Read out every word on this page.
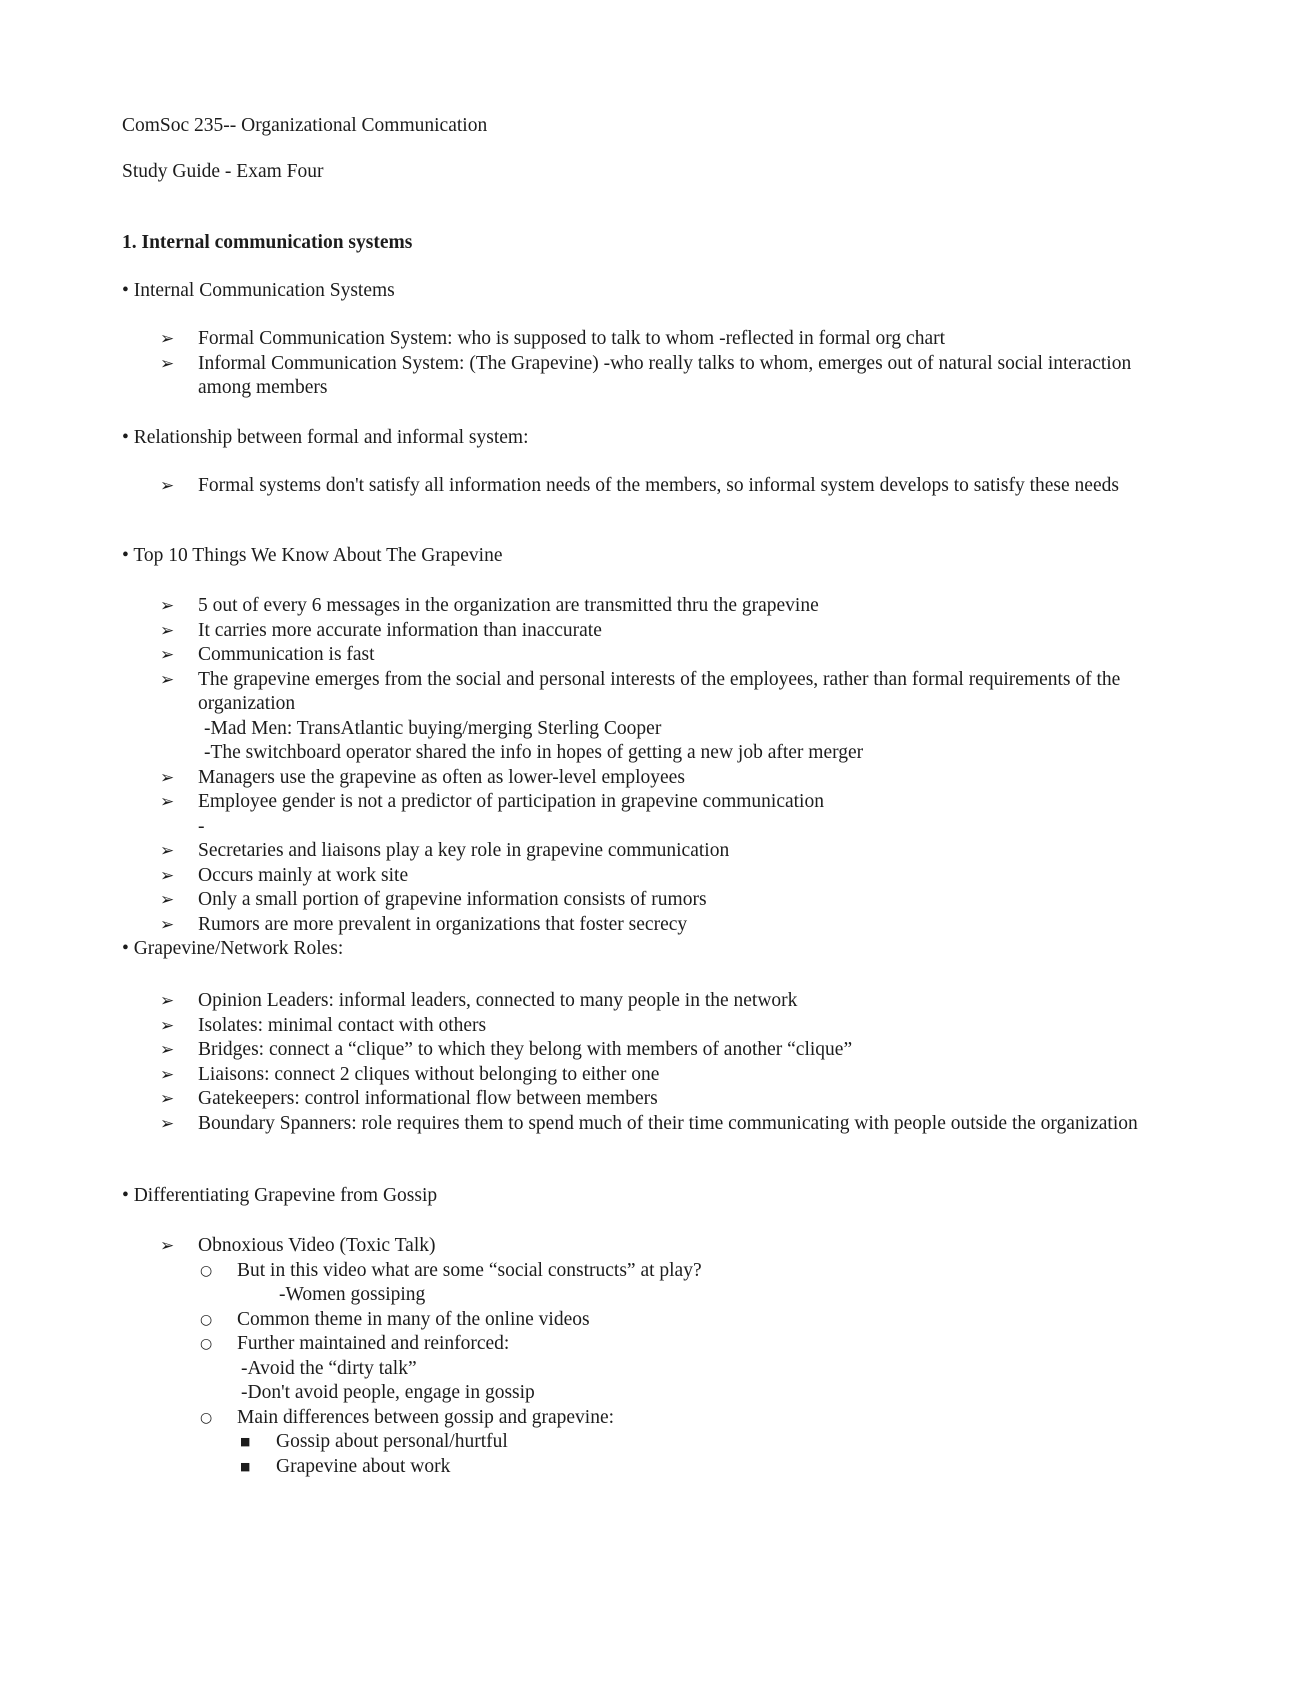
ComSoc 235-- Organizational Communication
Study Guide - Exam Four
1. Internal communication systems
• Internal Communication Systems
➢ Formal Communication System: who is supposed to talk to whom -reflected in formal org chart
➢ Informal Communication System: (The Grapevine) -who really talks to whom, emerges out of natural social interaction among members
• Relationship between formal and informal system:
➢ Formal systems don't satisfy all information needs of the members, so informal system develops to satisfy these needs
• Top 10 Things We Know About The Grapevine
➢ 5 out of every 6 messages in the organization are transmitted thru the grapevine
➢ It carries more accurate information than inaccurate
➢ Communication is fast
➢ The grapevine emerges from the social and personal interests of the employees, rather than formal requirements of the organization
-Mad Men: TransAtlantic buying/merging Sterling Cooper
-The switchboard operator shared the info in hopes of getting a new job after merger
➢ Managers use the grapevine as often as lower-level employees
➢ Employee gender is not a predictor of participation in grapevine communication
-
➢ Secretaries and liaisons play a key role in grapevine communication
➢ Occurs mainly at work site
➢ Only a small portion of grapevine information consists of rumors
➢ Rumors are more prevalent in organizations that foster secrecy
• Grapevine/Network Roles:
➢ Opinion Leaders: informal leaders, connected to many people in the network
➢ Isolates: minimal contact with others
➢ Bridges: connect a “clique” to which they belong with members of another “clique”
➢ Liaisons: connect 2 cliques without belonging to either one
➢ Gatekeepers: control informational flow between members
➢ Boundary Spanners: role requires them to spend much of their time communicating with people outside the organization
• Differentiating Grapevine from Gossip
➢ Obnoxious Video (Toxic Talk)
○ But in this video what are some “social constructs” at play?
-Women gossiping
○ Common theme in many of the online videos
○ Further maintained and reinforced:
-Avoid the “dirty talk”
-Don't avoid people, engage in gossip
○ Main differences between gossip and grapevine:
■ Gossip about personal/hurtful
■ Grapevine about work
